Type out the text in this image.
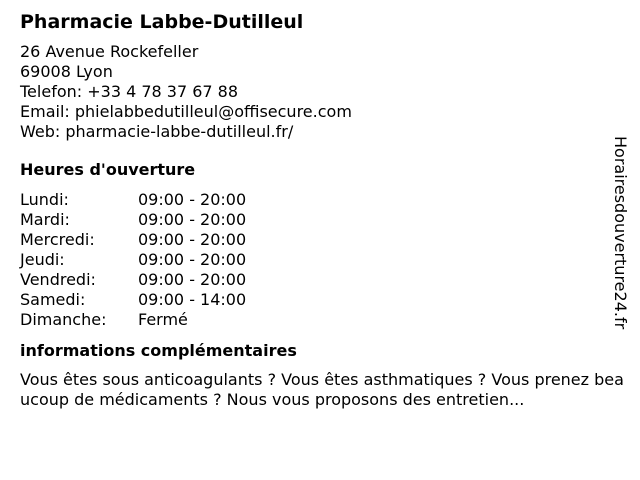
Pharmacie Labbe-Dutilleul
26 Avenue Rockefeller
69008 Lyon
Telefon: +33 4 78 37 67 88
Email: phielabbedutilleul@offisecure.com
Web: pharmacie-labbe-dutilleul.fr/
Heures d'ouverture
Lundi:	09:00 - 20:00
Mardi:	09:00 - 20:00
Mercredi:	09:00 - 20:00
Jeudi:	09:00 - 20:00
Vendredi:	09:00 - 20:00
Samedi:	09:00 - 14:00
Dimanche:	Fermé
informations complémentaires
Vous êtes sous anticoagulants ? Vous êtes asthmatiques ? Vous prenez beaucoup de médicaments ? Nous vous proposons des entretien...
Horairesdouverture24.fr
